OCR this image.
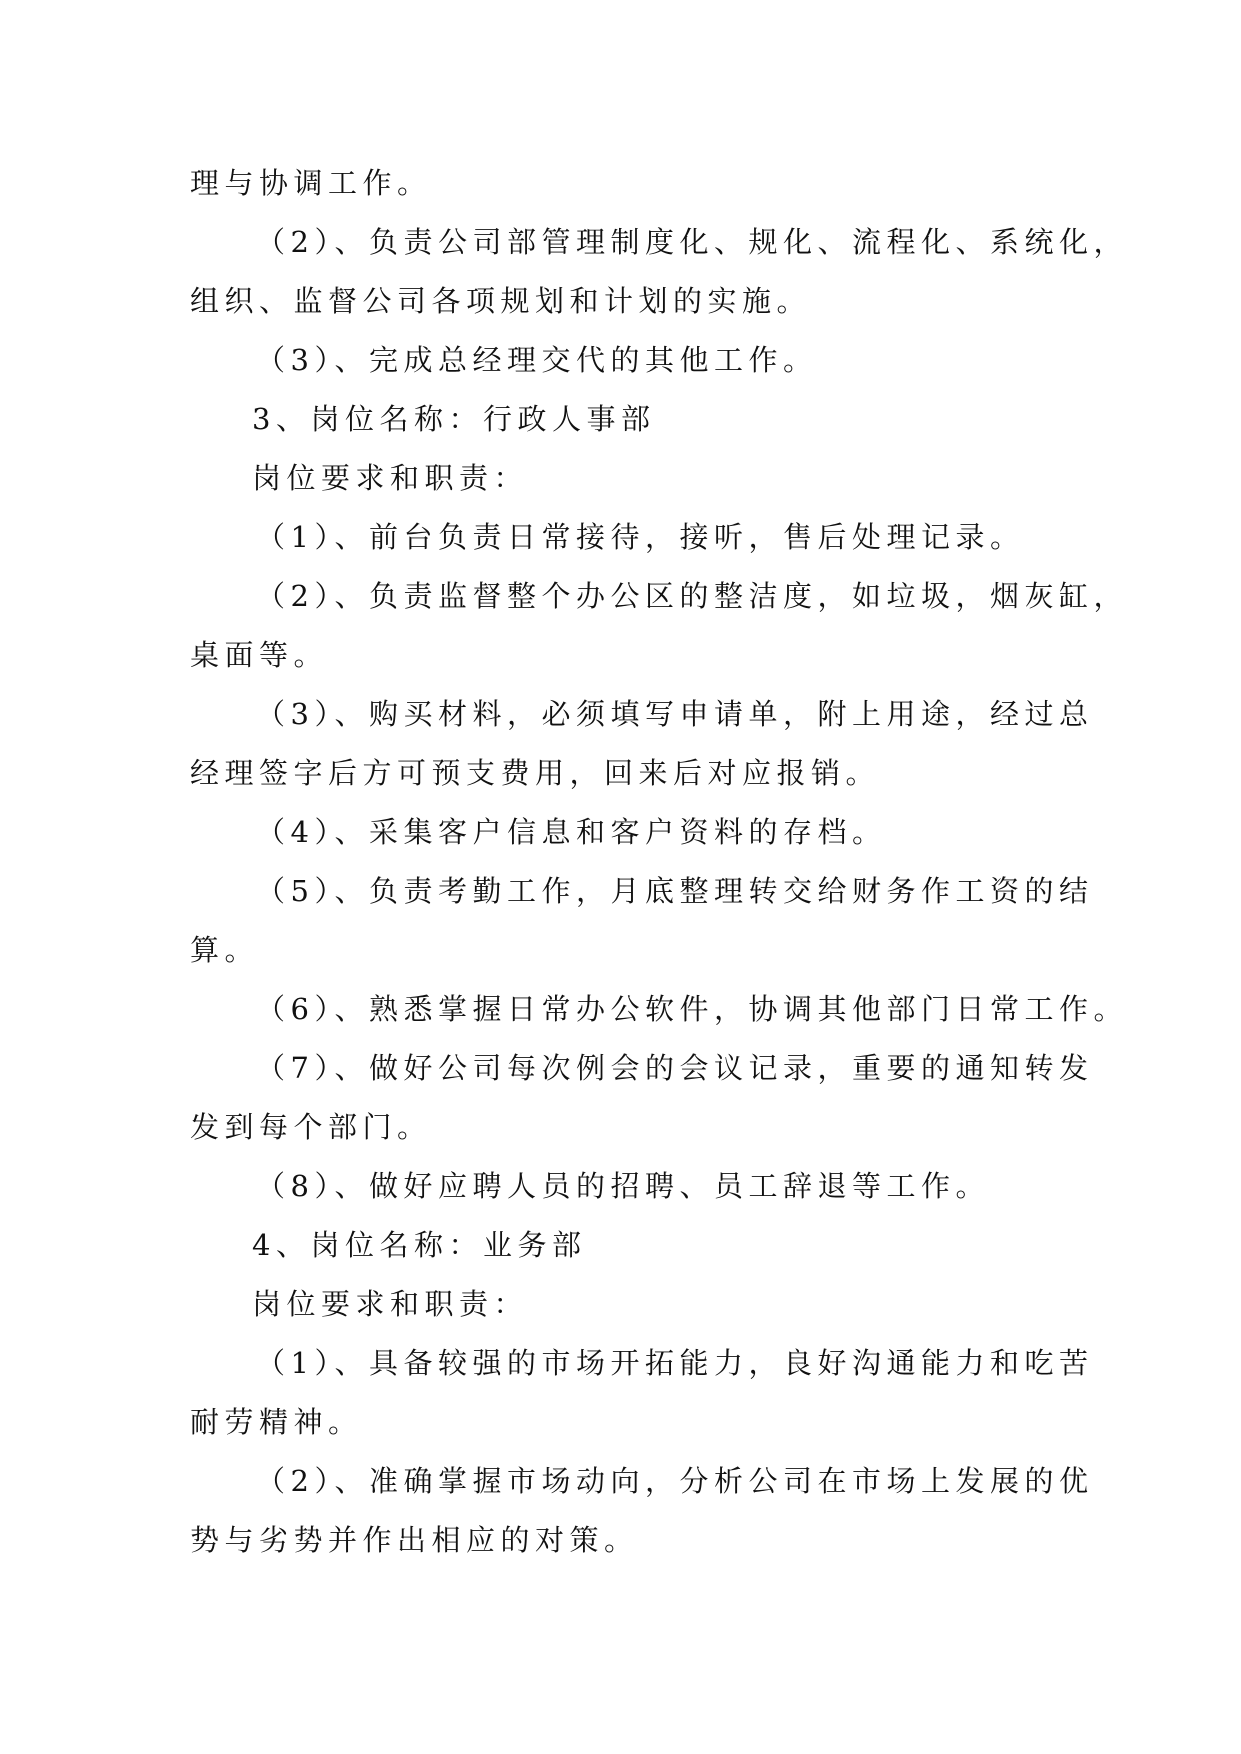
理与协调工作。
（2）、负责公司部管理制度化、规化、流程化、系统化，
组织、监督公司各项规划和计划的实施。
（3）、完成总经理交代的其他工作。
3、岗位名称：行政人事部
岗位要求和职责：
（1）、前台负责日常接待，接听，售后处理记录。
（2）、负责监督整个办公区的整洁度，如垃圾，烟灰缸，
桌面等。
（3）、购买材料，必须填写申请单，附上用途，经过总
经理签字后方可预支费用，回来后对应报销。
（4）、采集客户信息和客户资料的存档。
（5）、负责考勤工作，月底整理转交给财务作工资的结
算。
（6）、熟悉掌握日常办公软件，协调其他部门日常工作。
（7）、做好公司每次例会的会议记录，重要的通知转发
发到每个部门。
（8）、做好应聘人员的招聘、员工辞退等工作。
4、岗位名称：业务部
岗位要求和职责：
（1）、具备较强的市场开拓能力，良好沟通能力和吃苦
耐劳精神。
（2）、准确掌握市场动向，分析公司在市场上发展的优
势与劣势并作出相应的对策。
